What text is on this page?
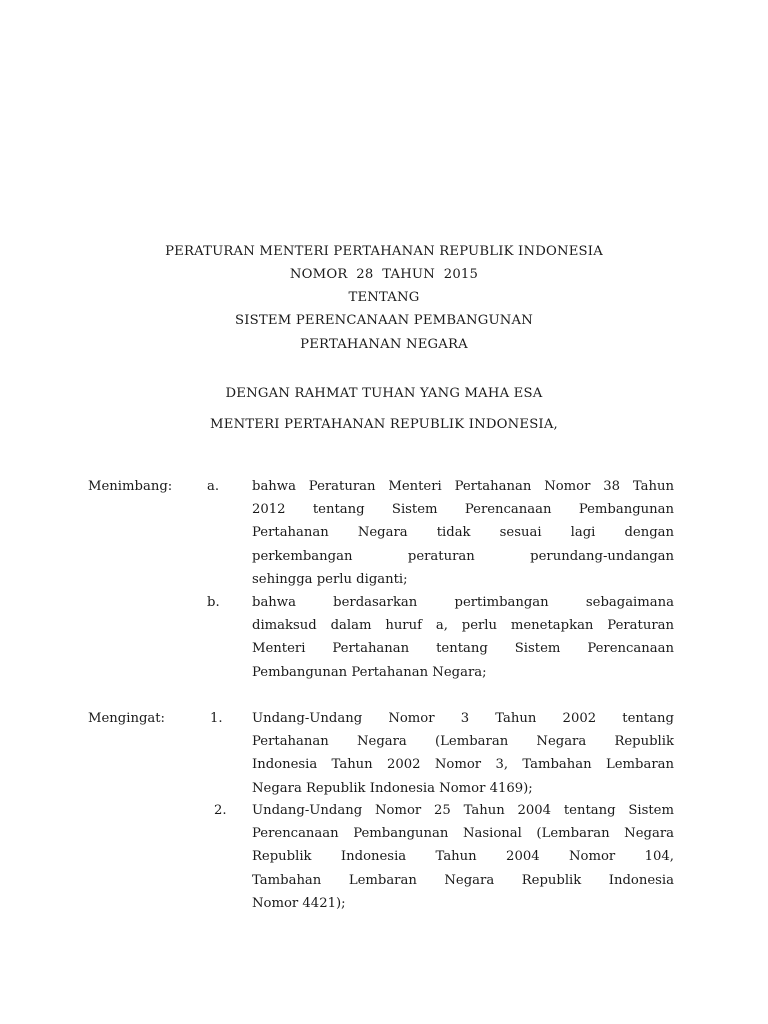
PERATURAN MENTERI PERTAHANAN REPUBLIK INDONESIA
NOMOR  28  TAHUN  2015
TENTANG
SISTEM PERENCANAAN PEMBANGUNAN
PERTAHANAN NEGARA
DENGAN RAHMAT TUHAN YANG MAHA ESA
MENTERI PERTAHANAN REPUBLIK INDONESIA,
Menimbang:	a. bahwa Peraturan Menteri Pertahanan Nomor 38 Tahun
2012 tentang Sistem Perencanaan Pembangunan
Pertahanan Negara tidak sesuai lagi dengan
perkembangan peraturan perundang-undangan
sehingga perlu diganti;
b. bahwa berdasarkan pertimbangan sebagaimana
dimaksud dalam huruf a, perlu menetapkan Peraturan
Menteri Pertahanan tentang Sistem Perencanaan
Pembangunan Pertahanan Negara;
Mengingat:	1. Undang-Undang Nomor 3 Tahun 2002 tentang
Pertahanan Negara (Lembaran Negara Republik
Indonesia Tahun 2002 Nomor 3, Tambahan Lembaran
Negara Republik Indonesia Nomor 4169);
2. Undang-Undang Nomor 25 Tahun 2004 tentang Sistem
Perencanaan Pembangunan Nasional (Lembaran Negara
Republik Indonesia Tahun 2004 Nomor 104,
Tambahan Lembaran Negara Republik Indonesia
Nomor 4421);
